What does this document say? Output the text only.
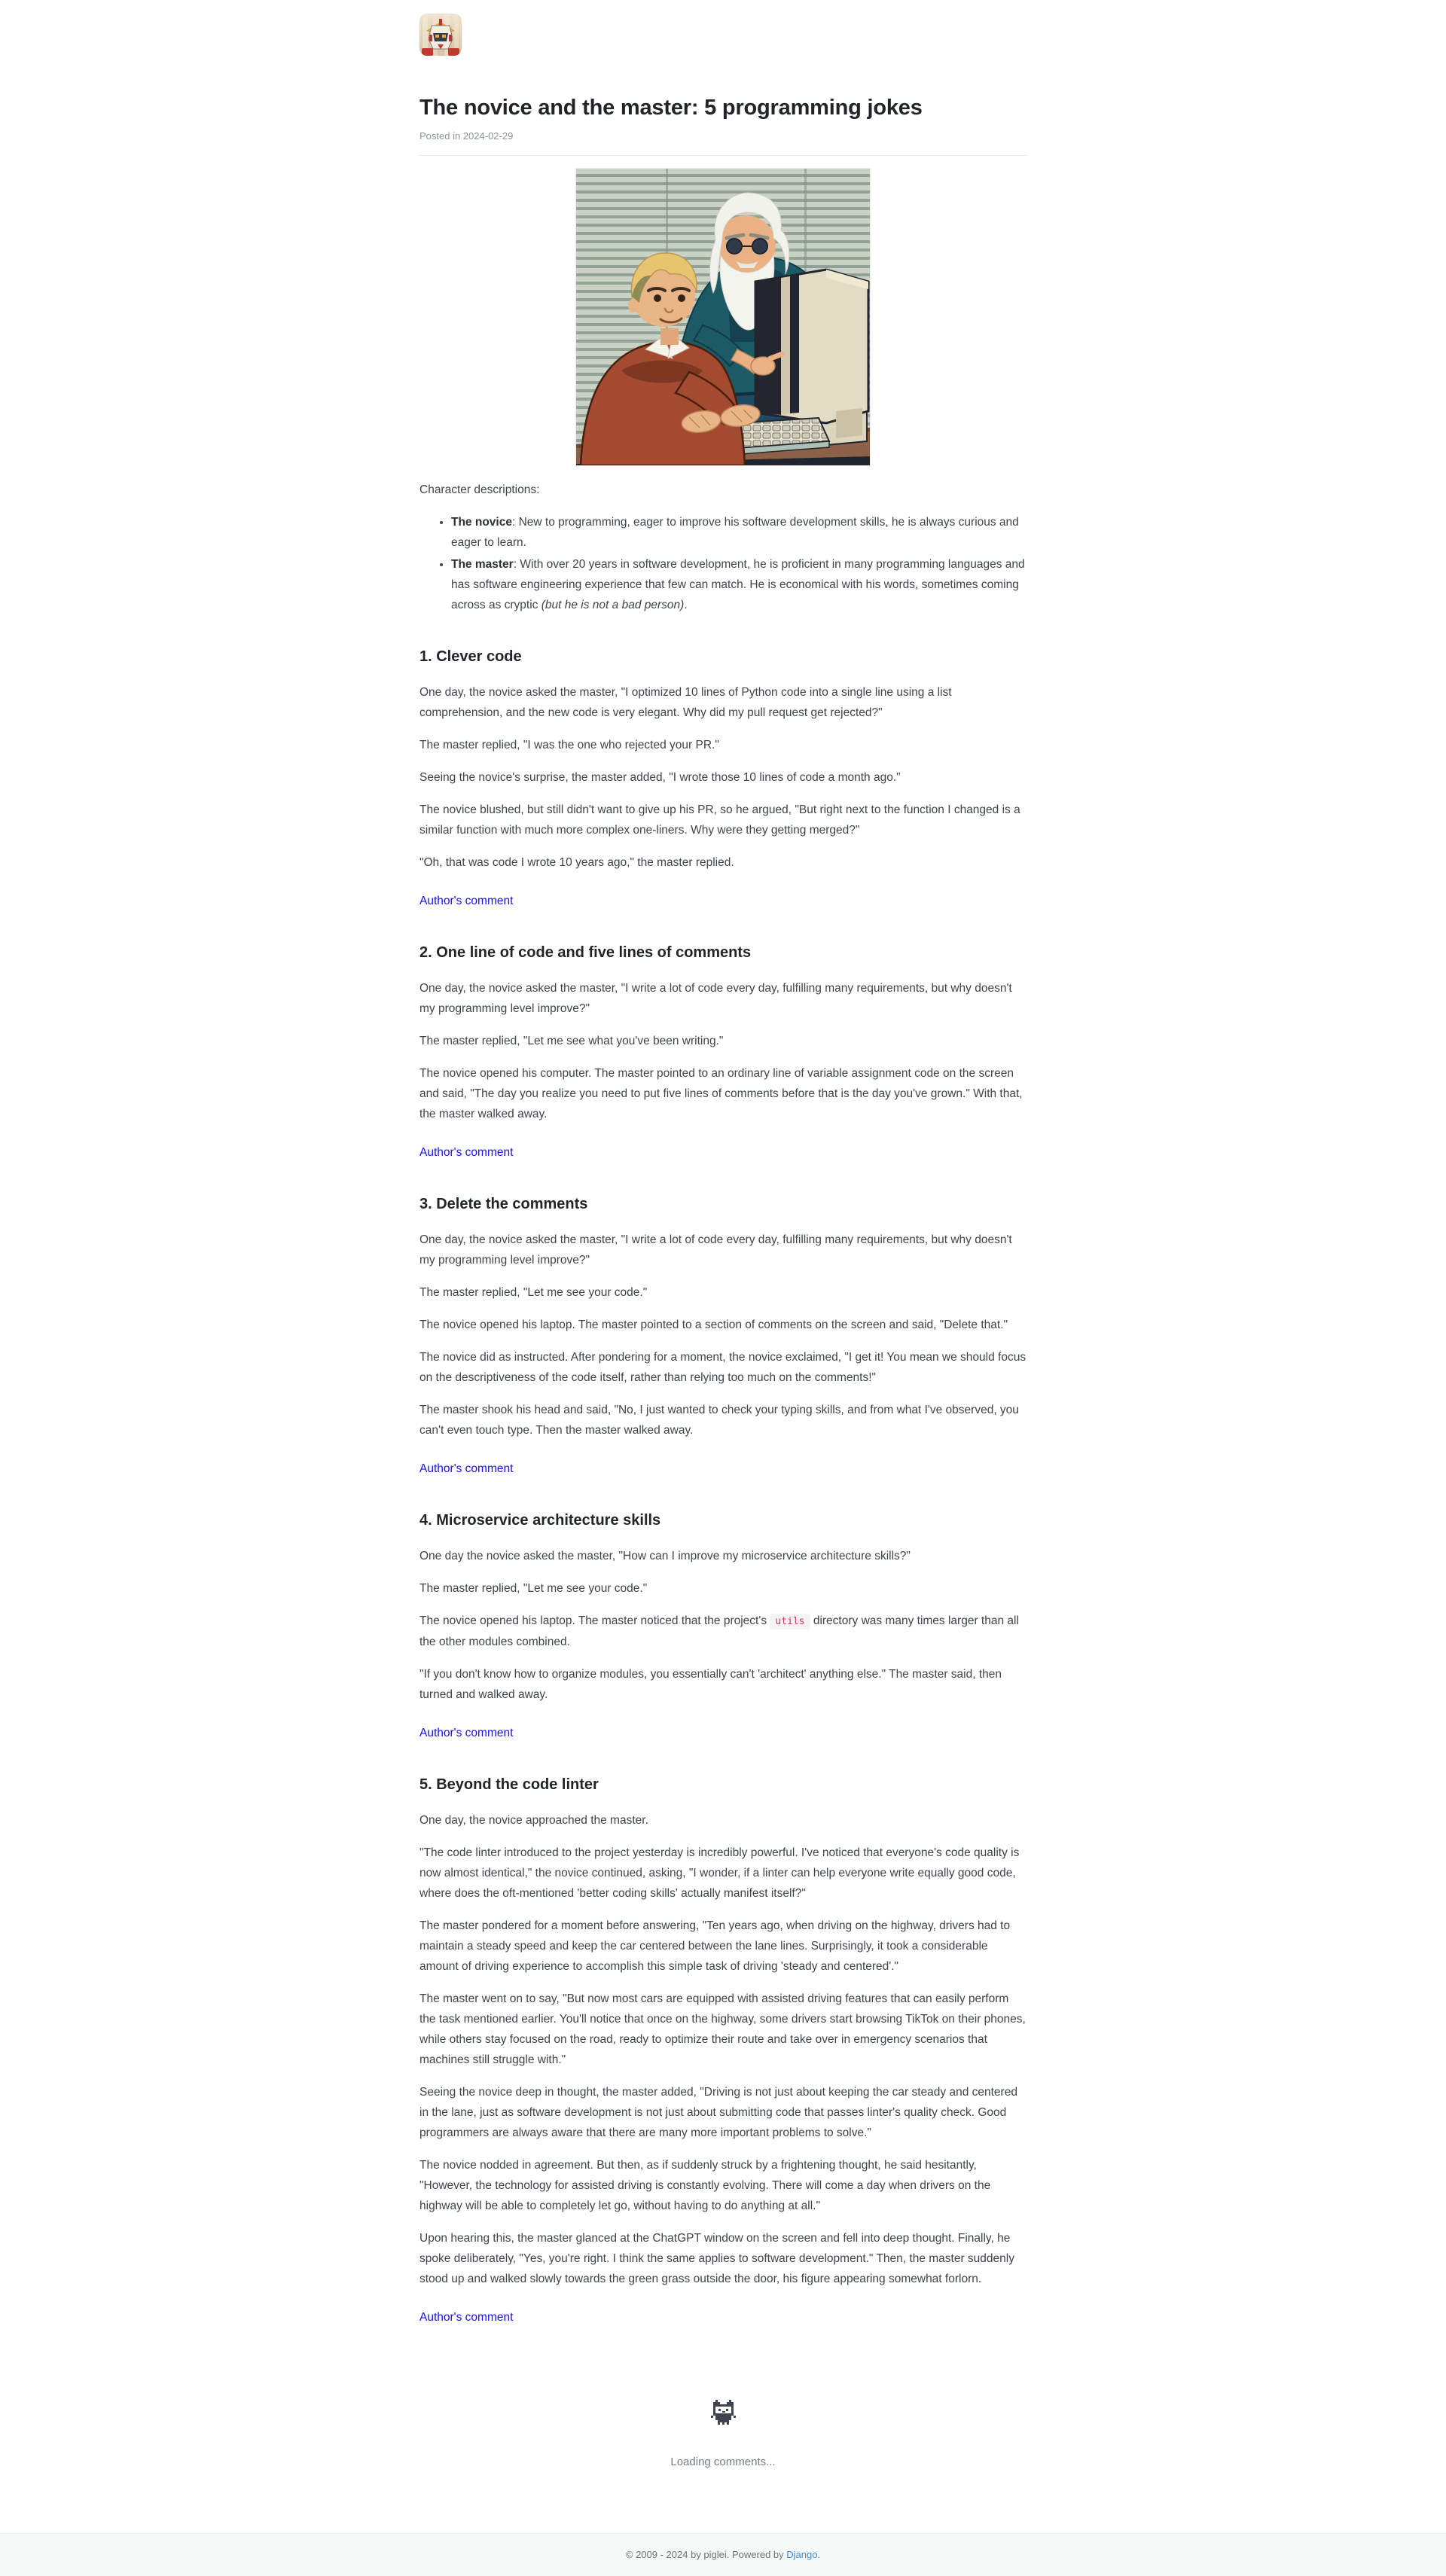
The novice and the master: 5 programming jokes

Posted in 2024-02-29

Character descriptions:

• The novice: New to programming, eager to improve his software development skills, he is always curious and eager to learn.
• The master: With over 20 years in software development, he is proficient in many programming languages and has software engineering experience that few can match. He is economical with his words, sometimes coming across as cryptic (but he is not a bad person).
1. Clever code

One day, the novice asked the master, "I optimized 10 lines of Python code into a single line using a list comprehension, and the new code is very elegant. Why did my pull request get rejected?"

The master replied, "I was the one who rejected your PR."

Seeing the novice's surprise, the master added, "I wrote those 10 lines of code a month ago."

The novice blushed, but still didn't want to give up his PR, so he argued, "But right next to the function I changed is a similar function with much more complex one-liners. Why were they getting merged?"

"Oh, that was code I wrote 10 years ago," the master replied.

Author's comment
2. One line of code and five lines of comments

One day, the novice asked the master, "I write a lot of code every day, fulfilling many requirements, but why doesn't my programming level improve?"

The master replied, "Let me see what you've been writing."

The novice opened his computer. The master pointed to an ordinary line of variable assignment code on the screen and said, "The day you realize you need to put five lines of comments before that is the day you've grown." With that, the master walked away.

Author's comment
3. Delete the comments

One day, the novice asked the master, "I write a lot of code every day, fulfilling many requirements, but why doesn't my programming level improve?"

The master replied, "Let me see your code."

The novice opened his laptop. The master pointed to a section of comments on the screen and said, "Delete that."

The novice did as instructed. After pondering for a moment, the novice exclaimed, "I get it! You mean we should focus on the descriptiveness of the code itself, rather than relying too much on the comments!"

The master shook his head and said, "No, I just wanted to check your typing skills, and from what I've observed, you can't even touch type. Then the master walked away.

Author's comment
4. Microservice architecture skills

One day the novice asked the master, "How can I improve my microservice architecture skills?"

The master replied, "Let me see your code."

The novice opened his laptop. The master noticed that the project's utils directory was many times larger than all the other modules combined.

"If you don't know how to organize modules, you essentially can't 'architect' anything else." The master said, then turned and walked away.

Author's comment
5. Beyond the code linter

One day, the novice approached the master.

"The code linter introduced to the project yesterday is incredibly powerful. I've noticed that everyone's code quality is now almost identical," the novice continued, asking, "I wonder, if a linter can help everyone write equally good code, where does the oft-mentioned 'better coding skills' actually manifest itself?"

The master pondered for a moment before answering, "Ten years ago, when driving on the highway, drivers had to maintain a steady speed and keep the car centered between the lane lines. Surprisingly, it took a considerable amount of driving experience to accomplish this simple task of driving 'steady and centered'."

The master went on to say, "But now most cars are equipped with assisted driving features that can easily perform the task mentioned earlier. You'll notice that once on the highway, some drivers start browsing TikTok on their phones, while others stay focused on the road, ready to optimize their route and take over in emergency scenarios that machines still struggle with."

Seeing the novice deep in thought, the master added, "Driving is not just about keeping the car steady and centered in the lane, just as software development is not just about submitting code that passes linter's quality check. Good programmers are always aware that there are many more important problems to solve."

The novice nodded in agreement. But then, as if suddenly struck by a frightening thought, he said hesitantly, "However, the technology for assisted driving is constantly evolving. There will come a day when drivers on the highway will be able to completely let go, without having to do anything at all."

Upon hearing this, the master glanced at the ChatGPT window on the screen and fell into deep thought. Finally, he spoke deliberately, "Yes, you're right. I think the same applies to software development." Then, the master suddenly stood up and walked slowly towards the green grass outside the door, his figure appearing somewhat forlorn.

Author's comment

Loading comments...

© 2009 - 2024 by piglei. Powered by Django.
